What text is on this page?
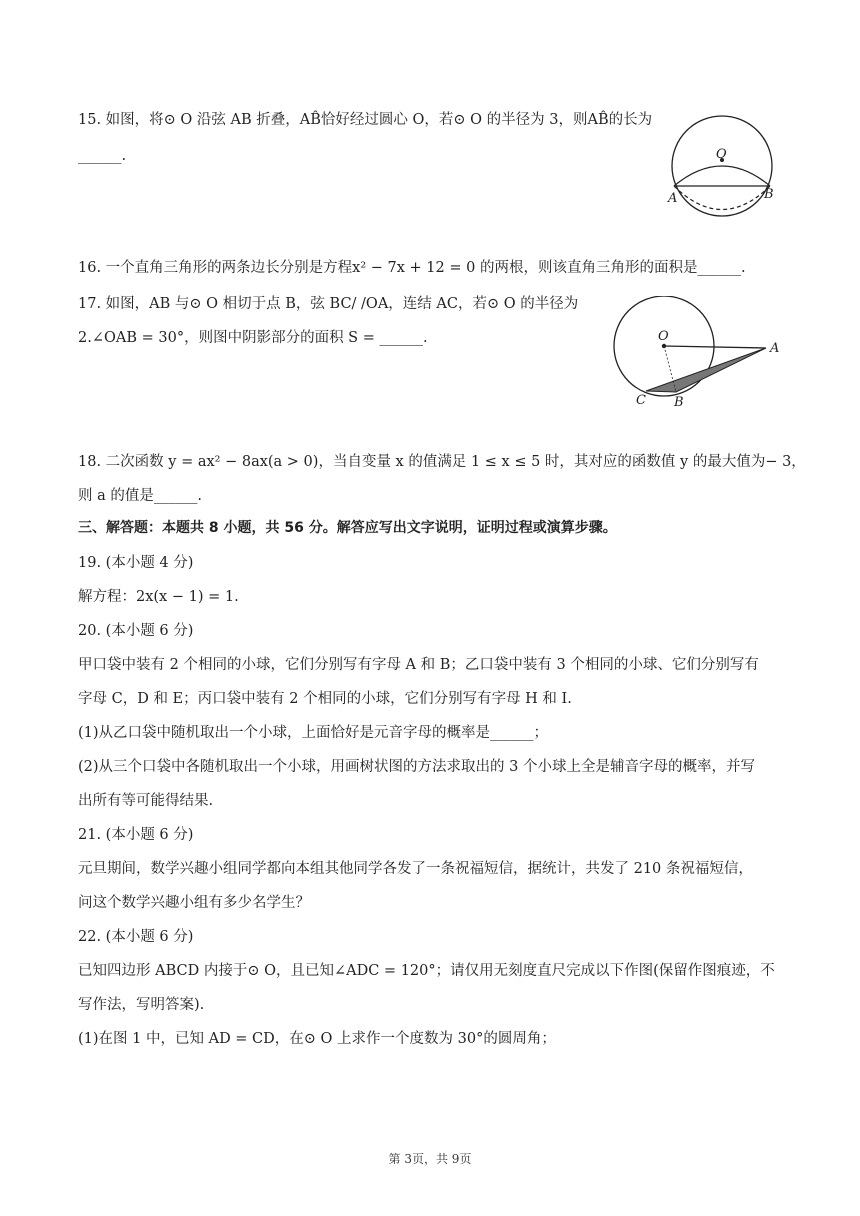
15. 如图，将⊙ O 沿弦 AB 折叠，AB̂恰好经过圆心 O，若⊙ O 的半径为 3，则AB̂的长为
______.	O
A	B
16. 一个直角三角形的两条边长分别是方程x² − 7x + 12 = 0 的两根，则该直角三角形的面积是______.
17. 如图，AB 与⊙ O 相切于点 B，弦 BC/ /OA，连结 AC，若⊙ O 的半径为
2.∠OAB = 30°，则图中阴影部分的面积 S = ______.	O
A
C B
18. 二次函数 y = ax² − 8ax(a > 0)，当自变量 x 的值满足 1 ≤ x ≤ 5 时，其对应的函数值 y 的最大值为− 3，
则 a 的值是______.
三、解答题：本题共 8 小题，共 56 分。解答应写出文字说明，证明过程或演算步骤。
19. (本小题 4 分)
解方程：2x(x − 1) = 1.
20. (本小题 6 分)
甲口袋中装有 2 个相同的小球，它们分别写有字母 A 和 B；乙口袋中装有 3 个相同的小球、它们分别写有
字母 C，D 和 E；丙口袋中装有 2 个相同的小球，它们分别写有字母 H 和 I.
(1)从乙口袋中随机取出一个小球，上面恰好是元音字母的概率是______；
(2)从三个口袋中各随机取出一个小球，用画树状图的方法求取出的 3 个小球上全是辅音字母的概率，并写
出所有等可能得结果.
21. (本小题 6 分)
元旦期间，数学兴趣小组同学都向本组其他同学各发了一条祝福短信，据统计，共发了 210 条祝福短信，
问这个数学兴趣小组有多少名学生？
22. (本小题 6 分)
已知四边形 ABCD 内接于⊙ O，且已知∠ADC = 120°；请仅用无刻度直尺完成以下作图(保留作图痕迹，不
写作法，写明答案).
(1)在图 1 中，已知 AD = CD，在⊙ O 上求作一个度数为 30°的圆周角；
第 3页，共 9页
